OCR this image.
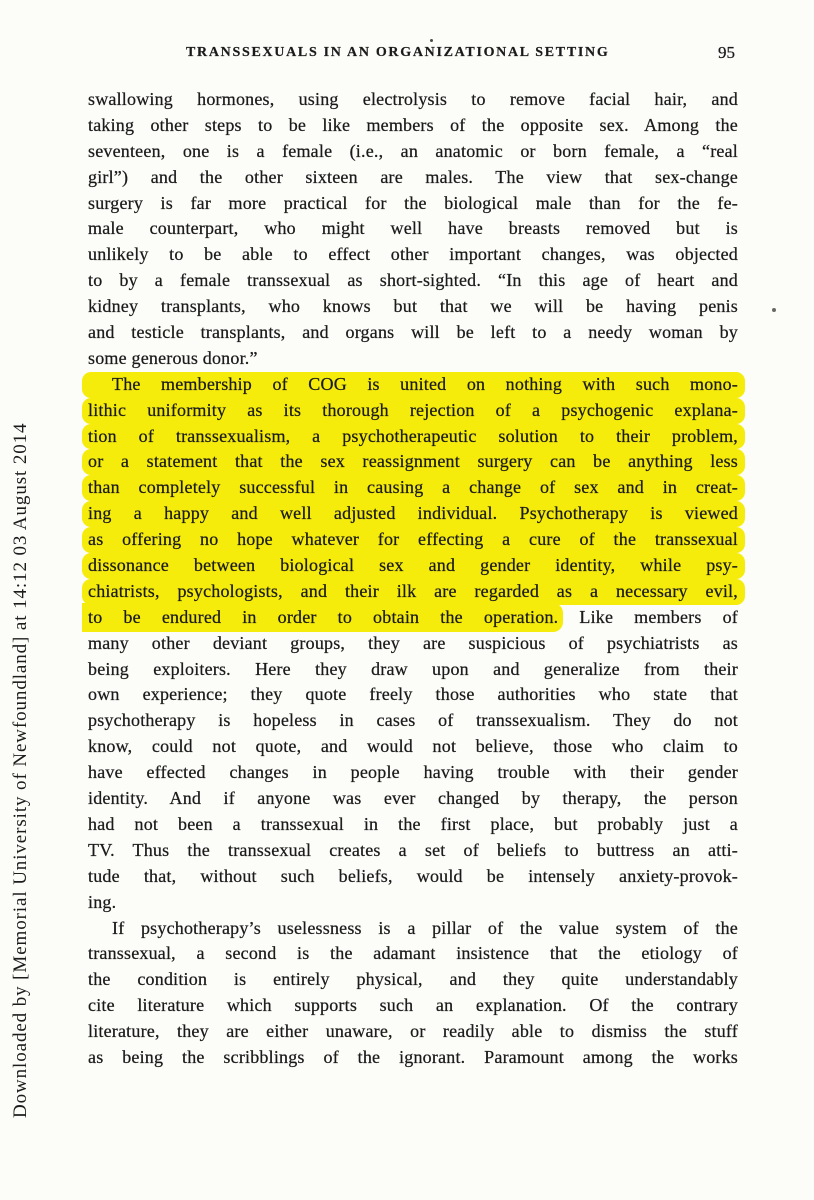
TRANSSEXUALS IN AN ORGANIZATIONAL SETTING	95
Downloaded by [Memorial University of Newfoundland] at 14:12 03 August 2014
swallowing hormones, using electrolysis to remove facial hair, and
taking other steps to be like members of the opposite sex. Among the
seventeen, one is a female (i.e., an anatomic or born female, a “real
girl”) and the other sixteen are males. The view that sex-change
surgery is far more practical for the biological male than for the fe-
male counterpart, who might well have breasts removed but is
unlikely to be able to effect other important changes, was objected
to by a female transsexual as short-sighted. “In this age of heart and
kidney transplants, who knows but that we will be having penis
and testicle transplants, and organs will be left to a needy woman by
some generous donor.”
The membership of COG is united on nothing with such mono-
lithic uniformity as its thorough rejection of a psychogenic explana-
tion of transsexualism, a psychotherapeutic solution to their problem,
or a statement that the sex reassignment surgery can be anything less
than completely successful in causing a change of sex and in creat-
ing a happy and well adjusted individual. Psychotherapy is viewed
as offering no hope whatever for effecting a cure of the transsexual
dissonance between biological sex and gender identity, while psy-
chiatrists, psychologists, and their ilk are regarded as a necessary evil,
to be endured in order to obtain the operation. Like members of
many other deviant groups, they are suspicious of psychiatrists as
being exploiters. Here they draw upon and generalize from their
own experience; they quote freely those authorities who state that
psychotherapy is hopeless in cases of transsexualism. They do not
know, could not quote, and would not believe, those who claim to
have effected changes in people having trouble with their gender
identity. And if anyone was ever changed by therapy, the person
had not been a transsexual in the first place, but probably just a
TV. Thus the transsexual creates a set of beliefs to buttress an atti-
tude that, without such beliefs, would be intensely anxiety-provok-
ing.
If psychotherapy’s uselessness is a pillar of the value system of the
transsexual, a second is the adamant insistence that the etiology of
the condition is entirely physical, and they quite understandably
cite literature which supports such an explanation. Of the contrary
literature, they are either unaware, or readily able to dismiss the stuff
as being the scribblings of the ignorant. Paramount among the works
